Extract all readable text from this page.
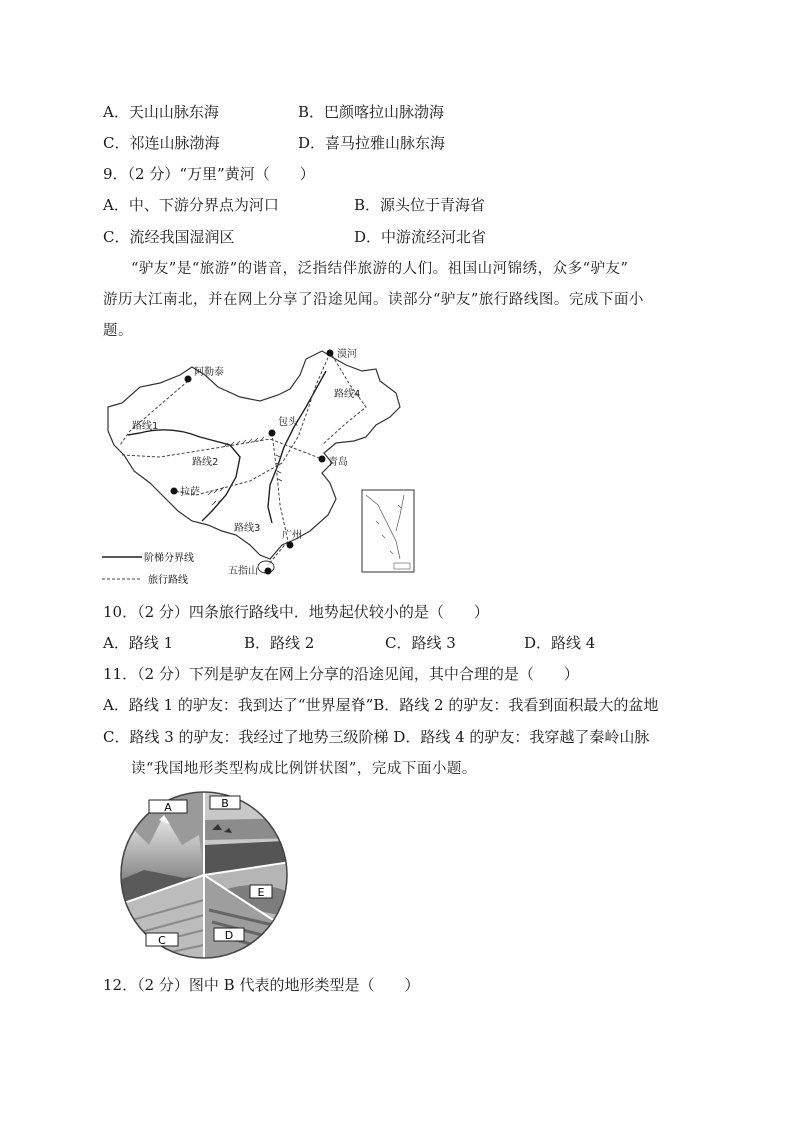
A．天山山脉东海	B．巴颜喀拉山脉渤海
C．祁连山脉渤海	D．喜马拉雅山脉东海
9．（2 分）“万里”黄河（　　）
A．中、下游分界点为河口	B．源头位于青海省
C．流经我国湿润区	D．中游流经河北省
“驴友”是“旅游”的谐音，泛指结伴旅游的人们。祖国山河锦绣，众多“驴友”
游历大江南北，并在网上分享了沿途见闻。读部分“驴友”旅行路线图。完成下面小
题。
漠河
阿勒泰
包头
青岛
拉萨
广州
五指山
路线1
路线2
路线3
路线4
阶梯分界线
旅行路线
10．（2 分）四条旅行路线中．地势起伏较小的是（　　）
A．路线 1	B．路线 2	C．路线 3	D．路线 4
11．（2 分）下列是驴友在网上分享的沿途见闻，其中合理的是（　　）
A．路线 1 的驴友：我到达了“世界屋脊”B．路线 2 的驴友：我看到面积最大的盆地
C．路线 3 的驴友：我经过了地势三级阶梯 D．路线 4 的驴友：我穿越了秦岭山脉
读“我国地形类型构成比例饼状图”，完成下面小题。
A	B
E
C	D
12．（2 分）图中 B 代表的地形类型是（　　）
